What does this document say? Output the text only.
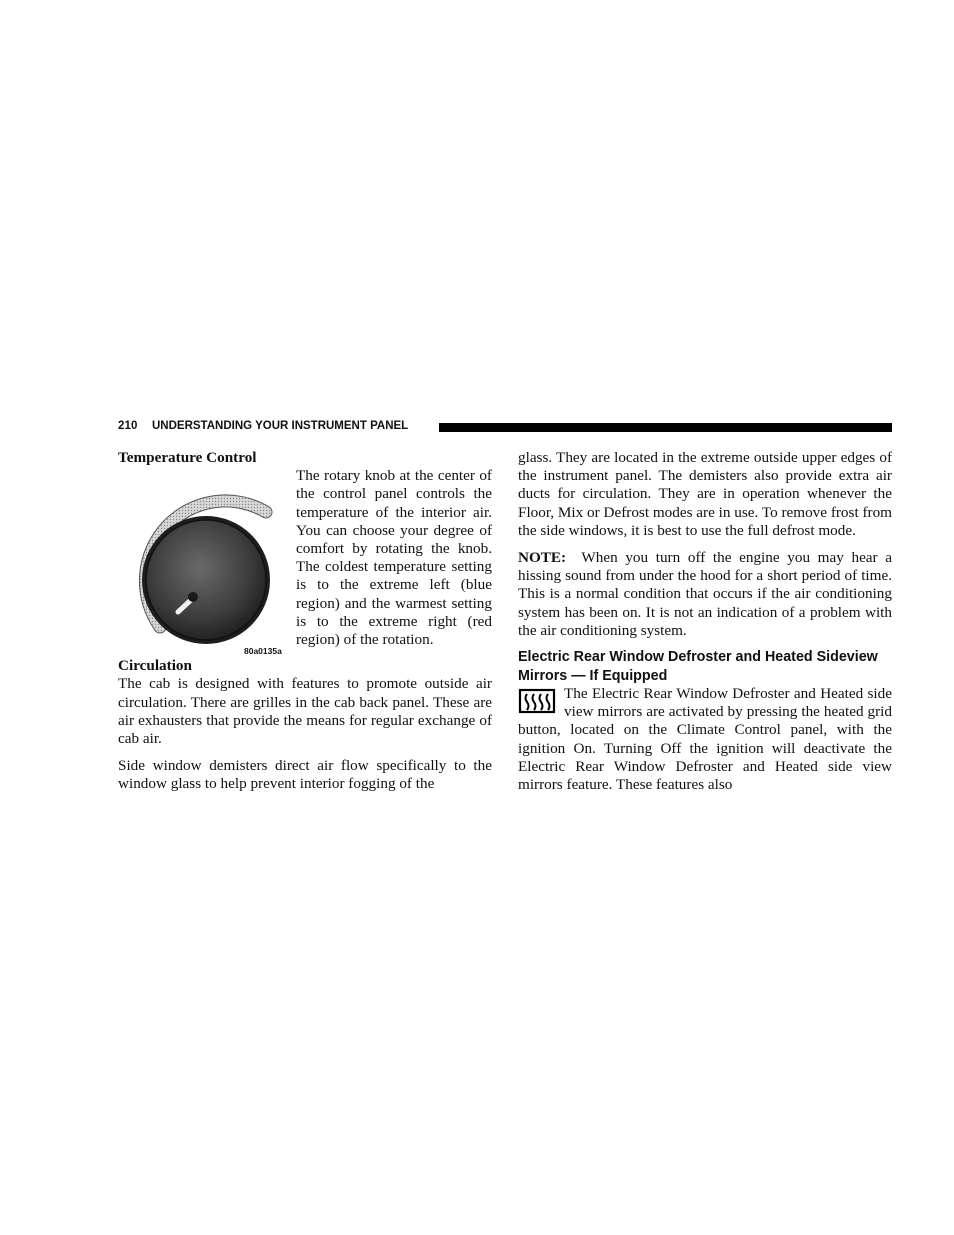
210 UNDERSTANDING YOUR INSTRUMENT PANEL

Temperature Control

80a0135a

The rotary knob at the center of the control panel controls the temperature of the interior air. You can choose your degree of comfort by rotating the knob. The coldest temperature setting is to the extreme left (blue region) and the warmest setting is to the extreme right (red region) of the rotation.

Circulation

The cab is designed with features to promote outside air circulation. There are grilles in the cab back panel. These are air exhausters that provide the means for regular exchange of cab air.

Side window demisters direct air flow specifically to the window glass to help prevent interior fogging of the

glass. They are located in the extreme outside upper edges of the instrument panel. The demisters also provide extra air ducts for circulation. They are in operation whenever the Floor, Mix or Defrost modes are in use. To remove frost from the side windows, it is best to use the full defrost mode.

NOTE: When you turn off the engine you may hear a hissing sound from under the hood for a short period of time. This is a normal condition that occurs if the air conditioning system has been on. It is not an indication of a problem with the air conditioning system.

Electric Rear Window Defroster and Heated Sideview Mirrors — If Equipped

The Electric Rear Window Defroster and Heated side view mirrors are activated by pressing the heated grid button, located on the Climate Control panel, with the ignition On. Turning Off the ignition will deactivate the Electric Rear Window Defroster and Heated side view mirrors feature. These features also
